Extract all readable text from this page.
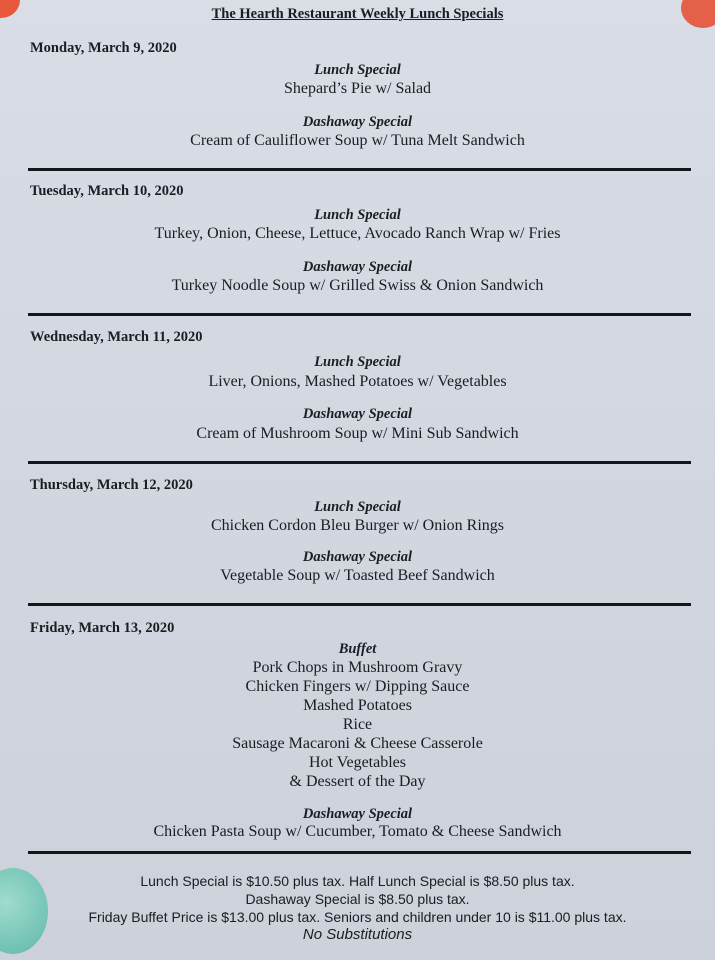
The Hearth Restaurant Weekly Lunch Specials
Monday, March 9, 2020
Lunch Special
Shepard’s Pie w/ Salad
Dashaway Special
Cream of Cauliflower Soup w/ Tuna Melt Sandwich
Tuesday, March 10, 2020
Lunch Special
Turkey, Onion, Cheese, Lettuce, Avocado Ranch Wrap w/ Fries
Dashaway Special
Turkey Noodle Soup w/ Grilled Swiss & Onion Sandwich
Wednesday, March 11, 2020
Lunch Special
Liver, Onions, Mashed Potatoes w/ Vegetables
Dashaway Special
Cream of Mushroom Soup w/ Mini Sub Sandwich
Thursday, March 12, 2020
Lunch Special
Chicken Cordon Bleu Burger w/ Onion Rings
Dashaway Special
Vegetable Soup w/ Toasted Beef Sandwich
Friday, March 13, 2020
Buffet
Pork Chops in Mushroom Gravy
Chicken Fingers w/ Dipping Sauce
Mashed Potatoes
Rice
Sausage Macaroni & Cheese Casserole
Hot Vegetables
& Dessert of the Day
Dashaway Special
Chicken Pasta Soup w/ Cucumber, Tomato & Cheese Sandwich
Lunch Special is $10.50 plus tax. Half Lunch Special is $8.50 plus tax.
Dashaway Special is $8.50 plus tax.
Friday Buffet Price is $13.00 plus tax. Seniors and children under 10 is $11.00 plus tax.
No Substitutions
